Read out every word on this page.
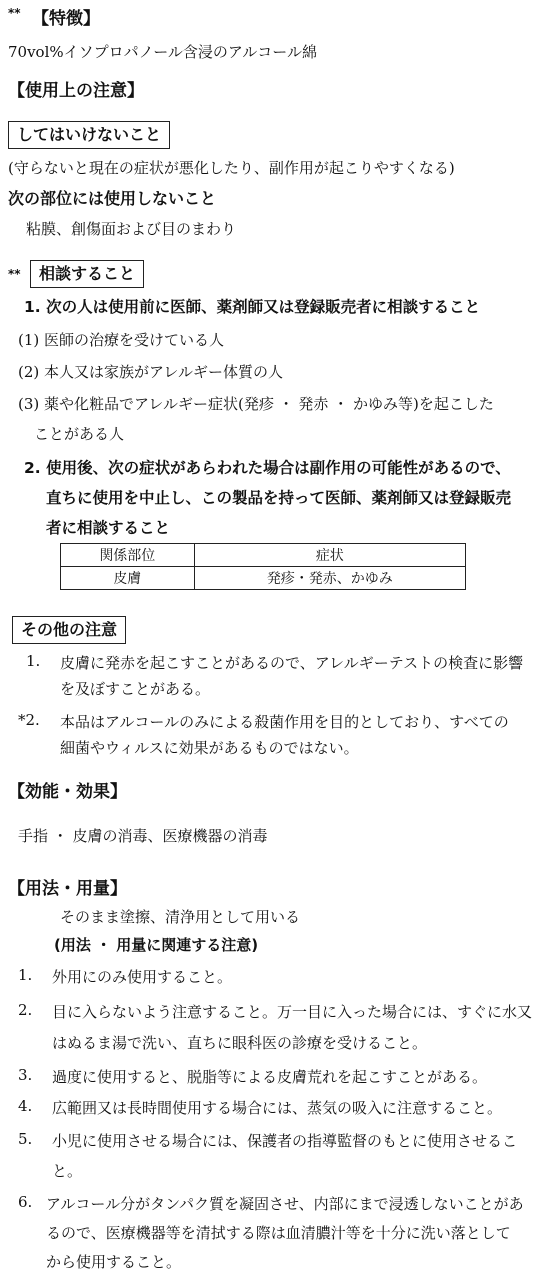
** 【特徴】
70vol%イソプロパノール含浸のアルコール綿
【使用上の注意】
してはいけないこと
(守らないと現在の症状が悪化したり、副作用が起こりやすくなる)
次の部位には使用しないこと
粘膜、創傷面および目のまわり
**	相談すること
1. 次の人は使用前に医師、薬剤師又は登録販売者に相談すること
(1) 医師の治療を受けている人
(2) 本人又は家族がアレルギー体質の人
(3) 薬や化粧品でアレルギー症状(発疹 ・ 発赤 ・ かゆみ等)を起こした
ことがある人
2. 使用後、次の症状があらわれた場合は副作用の可能性があるので、
直ちに使用を中止し、この製品を持って医師、薬剤師又は登録販売
者に相談すること
関係部位	症状
皮膚	発疹・発赤、かゆみ
その他の注意
1. 皮膚に発赤を起こすことがあるので、アレルギーテストの検査に影響
を及ぼすことがある。
*2. 本品はアルコールのみによる殺菌作用を目的としており、すべての
細菌やウィルスに効果があるものではない。
【効能・効果】
手指 ・ 皮膚の消毒、医療機器の消毒
【用法・用量】
そのまま塗擦、清浄用として用いる
(用法 ・ 用量に関連する注意)
1. 外用にのみ使用すること。
2. 目に入らないよう注意すること。万一目に入った場合には、すぐに水又
はぬるま湯で洗い、直ちに眼科医の診療を受けること。
3. 過度に使用すると、脱脂等による皮膚荒れを起こすことがある。
4. 広範囲又は長時間使用する場合には、蒸気の吸入に注意すること。
5. 小児に使用させる場合には、保護者の指導監督のもとに使用させるこ
と。
6. アルコール分がタンパク質を凝固させ、内部にまで浸透しないことがあ
るので、医療機器等を清拭する際は血清膿汁等を十分に洗い落として
から使用すること。
